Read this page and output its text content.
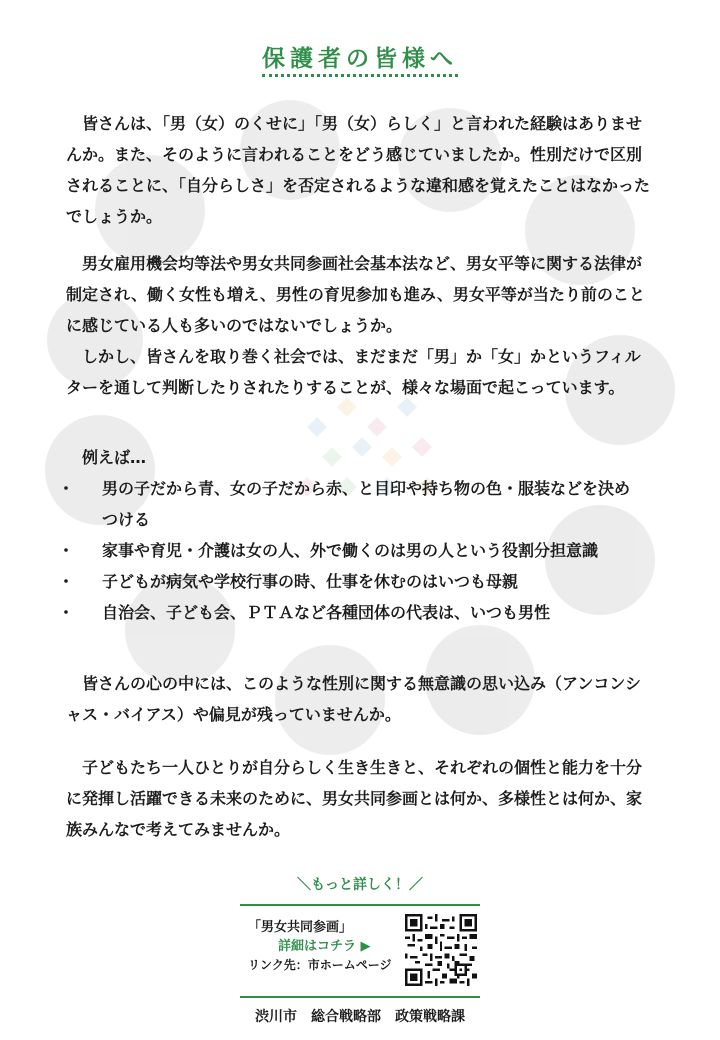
保護者の皆様へ

皆さんは、「男（女）のくせに」「男（女）らしく」と言われた経験はありませんか。また、そのように言われることをどう感じていましたか。性別だけで区別されることに、「自分らしさ」を否定されるような違和感を覚えたことはなかったでしょうか。

男女雇用機会均等法や男女共同参画社会基本法など、男女平等に関する法律が制定され、働く女性も増え、男性の育児参加も進み、男女平等が当たり前のことに感じている人も多いのではないでしょうか。

しかし、皆さんを取り巻く社会では、まだまだ「男」か「女」かというフィルターを通して判断したりされたりすることが、様々な場面で起こっています。

例えば…

・ 男の子だから青、女の子だから赤、と目印や持ち物の色・服装などを決めつける
・ 家事や育児・介護は女の人、外で働くのは男の人という役割分担意識
・ 子どもが病気や学校行事の時、仕事を休むのはいつも母親
・ 自治会、子ども会、ＰＴＡなど各種団体の代表は、いつも男性

皆さんの心の中には、このような性別に関する無意識の思い込み（アンコンシャス・バイアス）や偏見が残っていませんか。

子どもたち一人ひとりが自分らしく生き生きと、それぞれの個性と能力を十分に発揮し活躍できる未来のために、男女共同参画とは何か、多様性とは何か、家族みんなで考えてみませんか。

＼もっと詳しく！／
「男女共同参画」
詳細はコチラ ▶
リンク先：市ホームページ
渋川市　総合戦略部　政策戦略課
